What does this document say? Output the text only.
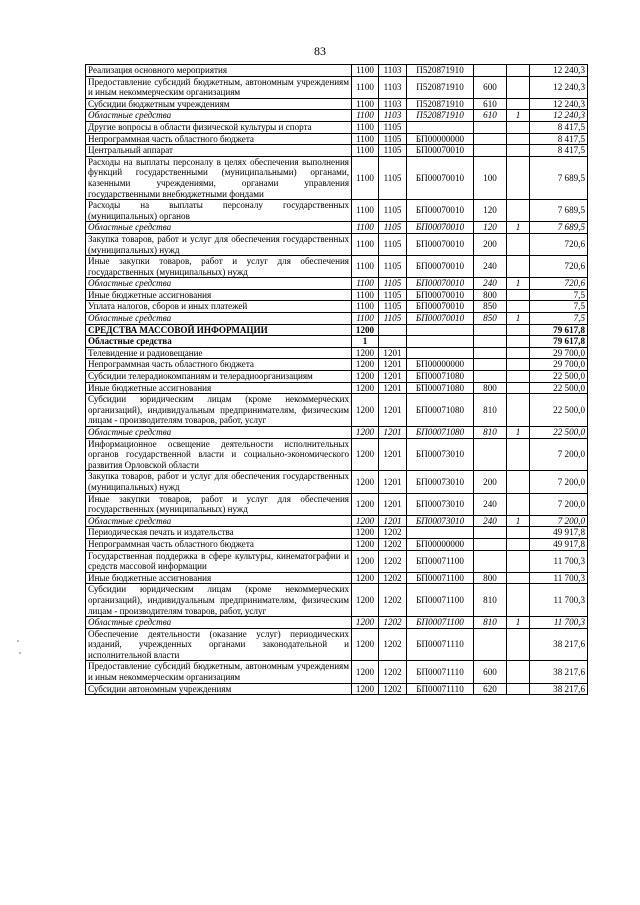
83
Реализация основного мероприятия	1100	1103	П520871910			12 240,3
Предоставление субсидий бюджетным, автономным учреждениям и иным некоммерческим организациям	1100	1103	П520871910	600		12 240,3
Субсидии бюджетным учреждениям	1100	1103	П520871910	610		12 240,3
Областные средства	1100	1103	П520871910	610	1	12 240,3
Другие вопросы в области физической культуры и спорта	1100	1105				8 417,5
Непрограммная часть областного бюджета	1100	1105	БП00000000			8 417,5
Центральный аппарат	1100	1105	БП00070010			8 417,5
Расходы на выплаты персоналу в целях обеспечения выполнения функций государственными (муниципальными) органами, казенными учреждениями, органами управления государственными внебюджетными фондами	1100	1105	БП00070010	100		7 689,5
Расходы на выплаты персоналу государственных (муниципальных) органов	1100	1105	БП00070010	120		7 689,5
Областные средства	1100	1105	БП00070010	120	1	7 689,5
Закупка товаров, работ и услуг для обеспечения государственных (муниципальных) нужд	1100	1105	БП00070010	200		720,6
Иные закупки товаров, работ и услуг для обеспечения государственных (муниципальных) нужд	1100	1105	БП00070010	240		720,6
Областные средства	1100	1105	БП00070010	240	1	720,6
Иные бюджетные ассигнования	1100	1105	БП00070010	800		7,5
Уплата налогов, сборов и иных платежей	1100	1105	БП00070010	850		7,5
Областные средства	1100	1105	БП00070010	850	1	7,5
СРЕДСТВА МАССОВОЙ ИНФОРМАЦИИ	1200					79 617,8
Областные средства	1					79 617,8
Телевидение и радиовещание	1200	1201				29 700,0
Непрограммная часть областного бюджета	1200	1201	БП00000000			29 700,0
Субсидии телерадиокомпаниям и телерадиоорганизациям	1200	1201	БП00071080			22 500,0
Иные бюджетные ассигнования	1200	1201	БП00071080	800		22 500,0
Субсидии юридическим лицам (кроме некоммерческих организаций), индивидуальным предпринимателям, физическим лицам - производителям товаров, работ, услуг	1200	1201	БП00071080	810		22 500,0
Областные средства	1200	1201	БП00071080	810	1	22 500,0
Информационное освещение деятельности исполнительных органов государственной власти и социально-экономического развития Орловской области	1200	1201	БП00073010			7 200,0
Закупка товаров, работ и услуг для обеспечения государственных (муниципальных) нужд	1200	1201	БП00073010	200		7 200,0
Иные закупки товаров, работ и услуг для обеспечения государственных (муниципальных) нужд	1200	1201	БП00073010	240		7 200,0
Областные средства	1200	1201	БП00073010	240	1	7 200,0
Периодическая печать и издательства	1200	1202				49 917,8
Непрограммная часть областного бюджета	1200	1202	БП00000000			49 917,8
Государственная поддержка в сфере культуры, кинематографии и средств массовой информации	1200	1202	БП00071100			11 700,3
Иные бюджетные ассигнования	1200	1202	БП00071100	800		11 700,3
Субсидии юридическим лицам (кроме некоммерческих организаций), индивидуальным предпринимателям, физическим лицам - производителям товаров, работ, услуг	1200	1202	БП00071100	810		11 700,3
Областные средства	1200	1202	БП00071100	810	1	11 700,3
Обеспечение деятельности (оказание услуг) периодических изданий, учрежденных органами законодательной и исполнительной власти	1200	1202	БП00071110			38 217,6
Предоставление субсидий бюджетным, автономным учреждениям и иным некоммерческим организациям	1200	1202	БП00071110	600		38 217,6
Субсидии автономным учреждениям	1200	1202	БП00071110	620		38 217,6
